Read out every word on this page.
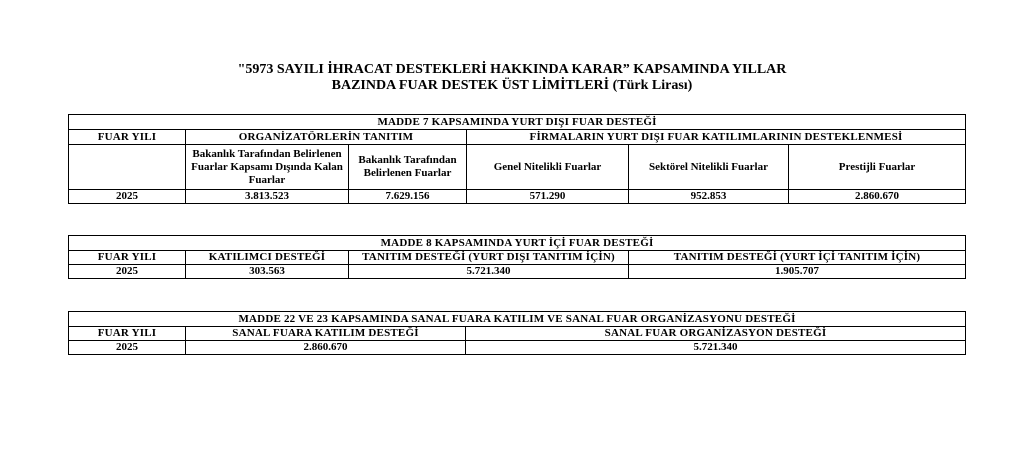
"5973 SAYILI İHRACAT DESTEKLERİ HAKKINDA KARAR” KAPSAMINDA YILLAR
BAZINDA FUAR DESTEK ÜST LİMİTLERİ (Türk Lirası)
MADDE 7 KAPSAMINDA YURT DIŞI FUAR DESTEĞİ					
FUAR YILI	ORGANİZATÖRLERİN TANITIM		FİRMALARIN YURT DIŞI FUAR KATILIMLARININ DESTEKLENMESİ		
	Bakanlık Tarafından Belirlenen Fuarlar Kapsamı Dışında Kalan Fuarlar	Bakanlık Tarafından Belirlenen Fuarlar	Genel Nitelikli Fuarlar	Sektörel Nitelikli Fuarlar	Prestijli Fuarlar
2025	3.813.523	7.629.156	571.290	952.853	2.860.670
MADDE 8 KAPSAMINDA YURT İÇİ FUAR DESTEĞİ			
FUAR YILI	KATILIMCI DESTEĞİ	TANITIM DESTEĞİ (YURT DIŞI TANITIM İÇİN)	TANITIM DESTEĞİ (YURT İÇİ TANITIM İÇİN)
2025	303.563	5.721.340	1.905.707
MADDE 22 VE 23 KAPSAMINDA SANAL FUARA KATILIM VE SANAL FUAR ORGANİZASYONU DESTEĞİ		
FUAR YILI	SANAL FUARA KATILIM DESTEĞİ	SANAL FUAR ORGANİZASYON DESTEĞİ
2025	2.860.670	5.721.340
